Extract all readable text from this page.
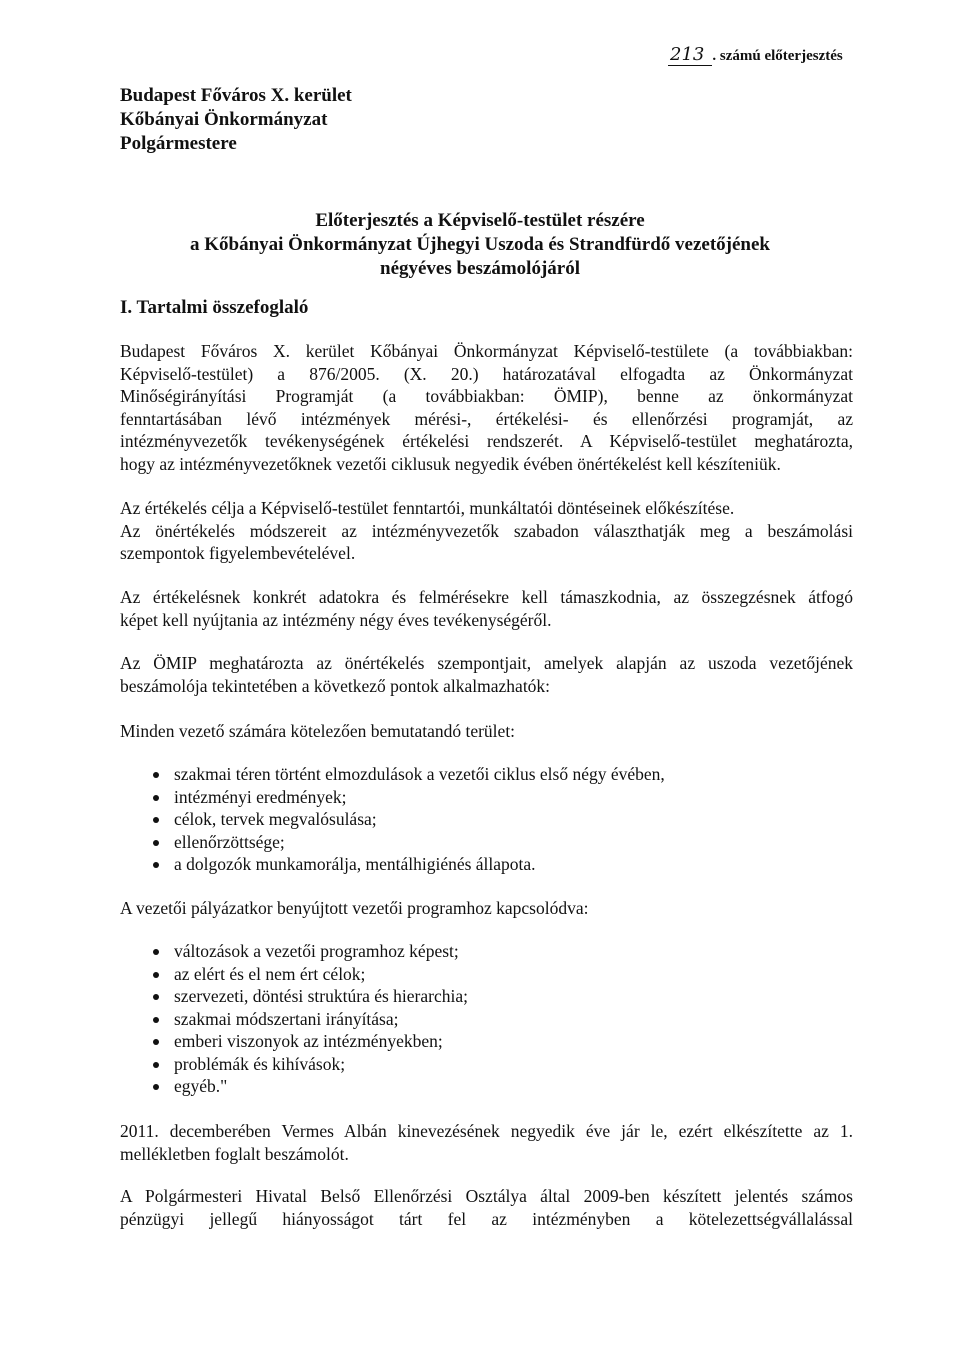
213 . számú előterjesztés
Budapest Főváros X. kerület
Kőbányai Önkormányzat
Polgármestere
Előterjesztés a Képviselő-testület részére
a Kőbányai Önkormányzat Újhegyi Uszoda és Strandfürdő vezetőjének
négyéves beszámolójáról
I. Tartalmi összefoglaló
Budapest Főváros X. kerület Kőbányai Önkormányzat Képviselő-testülete (a továbbiakban:
Képviselő-testület) a 876/2005. (X. 20.) határozatával elfogadta az Önkormányzat
Minőségirányítási Programját (a továbbiakban: ÖMIP), benne az önkormányzat
fenntartásában lévő intézmények mérési-, értékelési- és ellenőrzési programját, az
intézményvezetők tevékenységének értékelési rendszerét. A Képviselő-testület meghatározta,
hogy az intézményvezetőknek vezetői ciklusuk negyedik évében önértékelést kell készíteniük.
Az értékelés célja a Képviselő-testület fenntartói, munkáltatói döntéseinek előkészítése.
Az önértékelés módszereit az intézményvezetők szabadon választhatják meg a beszámolási
szempontok figyelembevételével.
Az értékelésnek konkrét adatokra és felmérésekre kell támaszkodnia, az összegzésnek átfogó
képet kell nyújtania az intézmény négy éves tevékenységéről.
Az ÖMIP meghatározta az önértékelés szempontjait, amelyek alapján az uszoda vezetőjének
beszámolója tekintetében a következő pontok alkalmazhatók:
Minden vezető számára kötelezően bemutatandó terület:
szakmai téren történt elmozdulások a vezetői ciklus első négy évében,
intézményi eredmények;
célok, tervek megvalósulása;
ellenőrzöttsége;
a dolgozók munkamorálja, mentálhigiénés állapota.
A vezetői pályázatkor benyújtott vezetői programhoz kapcsolódva:
változások a vezetői programhoz képest;
az elért és el nem ért célok;
szervezeti, döntési struktúra és hierarchia;
szakmai módszertani irányítása;
emberi viszonyok az intézményekben;
problémák és kihívások;
egyéb."
2011. decemberében Vermes Albán kinevezésének negyedik éve jár le, ezért elkészítette az 1.
mellékletben foglalt beszámolót.
A Polgármesteri Hivatal Belső Ellenőrzési Osztálya által 2009-ben készített jelentés számos
pénzügyi jellegű hiányosságot tárt fel az intézményben a kötelezettségvállalással
